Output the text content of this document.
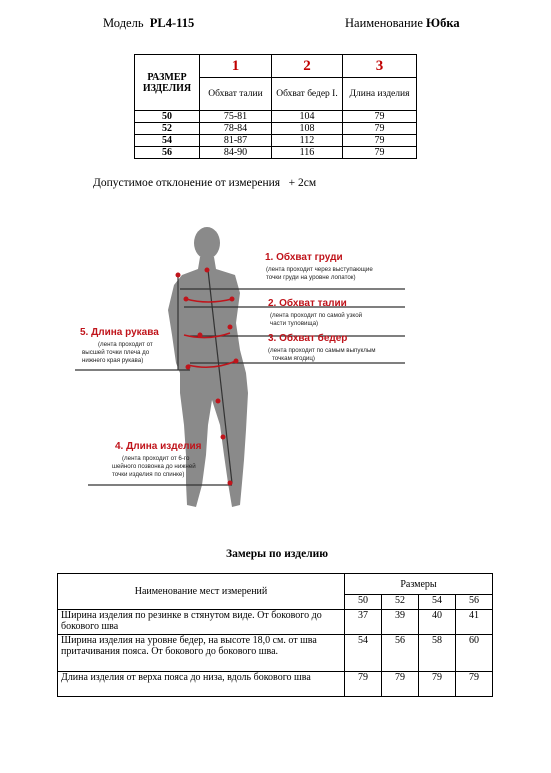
Модель PL4-115	Наименование Юбка
РАЗМЕР ИЗДЕЛИЯ	1	2	3
	Обхват талии	Обхват бедер I.	Длина изделия
50	75-81	104	79
52	78-84	108	79
54	81-87	112	79
56	84-90	116	79
Допустимое отклонение от измерения + 2см
1. Обхват груди
(лента проходит через выступающие
точки груди на уровне лопаток)
2. Обхват талии
(лента проходит по самой узкой
части туловища)
3. Обхват бедер
(лента проходит по самым выпуклым
точкам ягодиц)
5. Длина рукава
(лента проходит от
высшей точки плеча до
нижнего края рукава)
4. Длина изделия
(лента проходит от 6-го
шейного позвонка до нижней
точки изделия по спинке)
Замеры по изделию
Наименование мест измерений	Размеры			
	50	52	54	56
Ширина изделия по резинке в стянутом виде. От бокового до бокового шва	37	39	40	41
Ширина изделия на уровне бедер, на высоте 18,0 см. от шва притачивания пояса. От бокового до бокового шва.	54	56	58	60
Длина изделия от верха пояса до низа, вдоль бокового шва	79	79	79	79
